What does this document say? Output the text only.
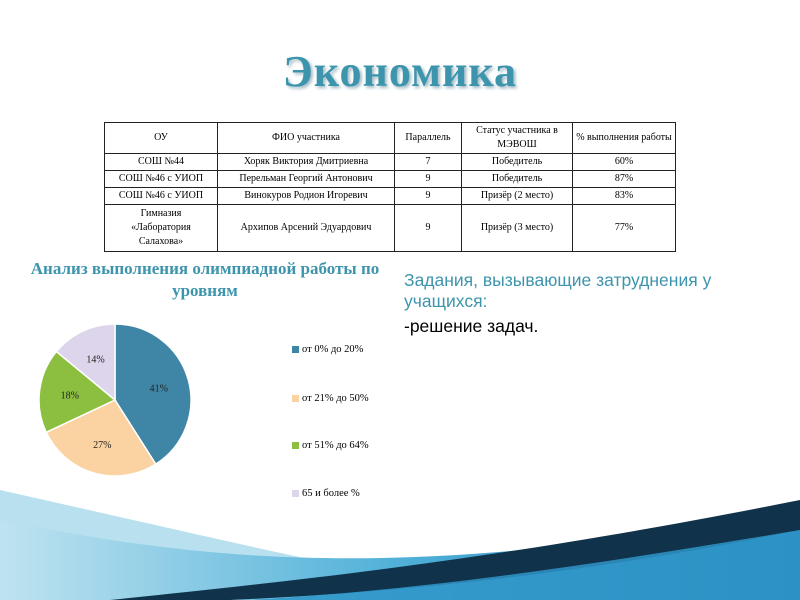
Экономика
ОУ	ФИО участника	Параллель	Статус участника в МЭВОШ	% выполнения работы
СОШ №44	Хоряк Виктория Дмитриевна	7	Победитель	60%
СОШ №46 с УИОП	Перельман Георгий Антонович	9	Победитель	87%
СОШ №46 с УИОП	Винокуров Родион Игоревич	9	Призёр (2 место)	83%
Гимназия «Лаборатория Салахова»	Архипов Арсений Эдуардович	9	Призёр (3 место)	77%
Анализ выполнения олимпиадной работы по уровням
Задания, вызывающие затруднения у учащихся:
-решение задач.
41%
27%
18%
14%
от 0% до 20%
от 21% до 50%
от 51% до 64%
65 и более %
